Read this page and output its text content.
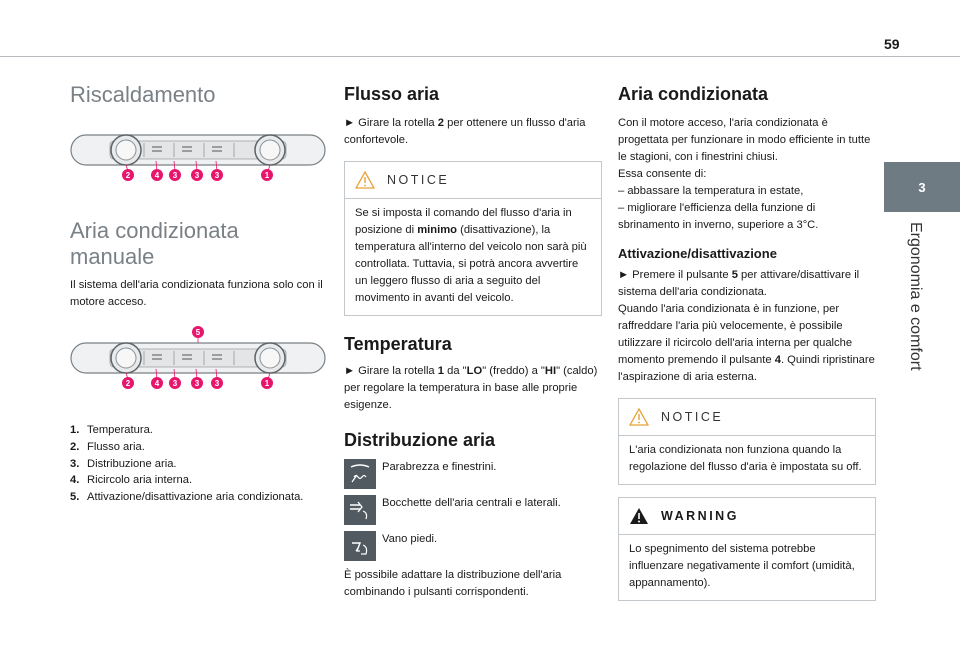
59
3
Ergonomia e comfort
Riscaldamento
2	4 3 3 3	1
Aria condizionata
manuale
Il sistema dell'aria condizionata funziona solo con il motore acceso.
5
2	4 3 3 3	1
1. Temperatura.
2. Flusso aria.
3. Distribuzione aria.
4. Ricircolo aria interna.
5. Attivazione/disattivazione aria condizionata.
Flusso aria
► Girare la rotella 2 per ottenere un flusso d'aria confortevole.
NOTICE
Se si imposta il comando del flusso d'aria in posizione di minimo (disattivazione), la temperatura all'interno del veicolo non sarà più controllata. Tuttavia, si potrà ancora avvertire un leggero flusso di aria a seguito del movimento in avanti del veicolo.
Temperatura
► Girare la rotella 1 da "LO" (freddo) a "HI" (caldo) per regolare la temperatura in base alle proprie esigenze.
Distribuzione aria
Parabrezza e finestrini.
Bocchette dell'aria centrali e laterali.
Vano piedi.
È possibile adattare la distribuzione dell'aria combinando i pulsanti corrispondenti.
Aria condizionata
Con il motore acceso, l'aria condizionata è progettata per funzionare in modo efficiente in tutte le stagioni, con i finestrini chiusi.
Essa consente di:
– abbassare la temperatura in estate,
– migliorare l'efficienza della funzione di sbrinamento in inverno, superiore a 3°C.
Attivazione/disattivazione
► Premere il pulsante 5 per attivare/disattivare il sistema dell'aria condizionata.
Quando l'aria condizionata è in funzione, per raffreddare l'aria più velocemente, è possibile utilizzare il ricircolo dell'aria interna per qualche momento premendo il pulsante 4. Quindi ripristinare l'aspirazione di aria esterna.
NOTICE
L'aria condizionata non funziona quando la regolazione del flusso d'aria è impostata su off.
WARNING
Lo spegnimento del sistema potrebbe influenzare negativamente il comfort (umidità, appannamento).
